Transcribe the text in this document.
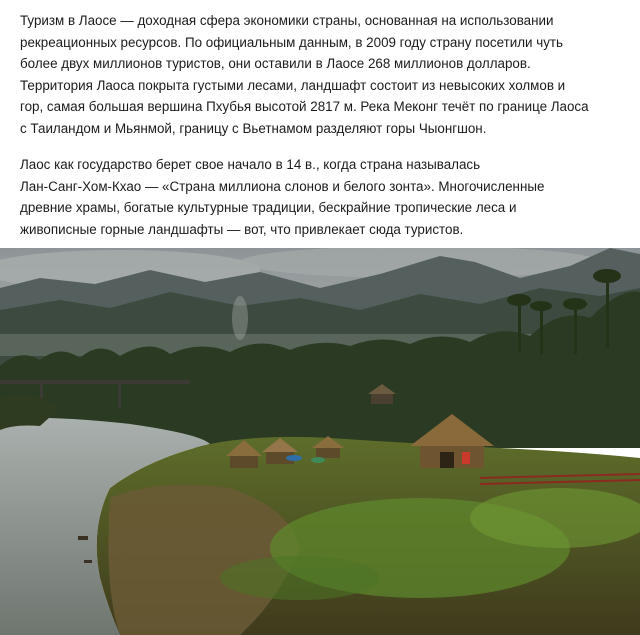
Туризм в Лаосе — доходная сфера экономики страны, основанная на использовании
рекреационных ресурсов. По официальным данным, в 2009 году страну посетили чуть
более двух миллионов туристов, они оставили в Лаосе 268 миллионов долларов.
Территория Лаоса покрыта густыми лесами, ландшафт состоит из невысоких холмов и
гор, самая большая вершина Пхубья высотой 2817 м. Река Меконг течёт по границе Лаоса
с Таиландом и Мьянмой, границу с Вьетнамом разделяют горы Чыонгшон.
Лаос как государство берет свое начало в 14 в., когда страна называлась
Лан-Санг-Хом-Кхао — «Страна миллиона слонов и белого зонта». Многочисленные
древние храмы, богатые культурные традиции, бескрайние тропические леса и
живописные горные ландшафты — вот, что привлекает сюда туристов.
